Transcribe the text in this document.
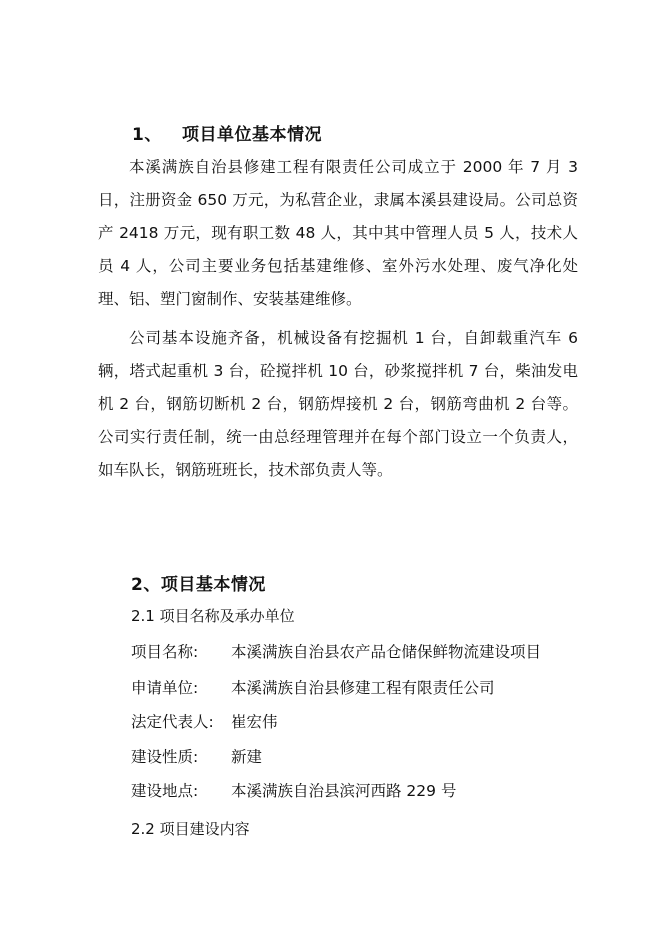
1、 项目单位基本情况

本溪满族自治县修建工程有限责任公司成立于 2000 年 7 月 3 日，注册资金 650 万元，为私营企业，隶属本溪县建设局。公司总资产 2418 万元，现有职工数 48 人，其中其中管理人员 5 人，技术人员 4 人，公司主要业务包括基建维修、室外污水处理、废气净化处理、铝、塑门窗制作、安装基建维修。

公司基本设施齐备，机械设备有挖掘机 1 台，自卸载重汽车 6 辆，塔式起重机 3 台，砼搅拌机 10 台，砂浆搅拌机 7 台，柴油发电机 2 台，钢筋切断机 2 台，钢筋焊接机 2 台，钢筋弯曲机 2 台等。公司实行责任制，统一由总经理管理并在每个部门设立一个负责人，如车队长，钢筋班班长，技术部负责人等。

2、项目基本情况
2.1 项目名称及承办单位
项目名称: 本溪满族自治县农产品仓储保鲜物流建设项目
申请单位: 本溪满族自治县修建工程有限责任公司
法定代表人: 崔宏伟
建设性质: 新建
建设地点: 本溪满族自治县滨河西路 229 号
2.2 项目建设内容
